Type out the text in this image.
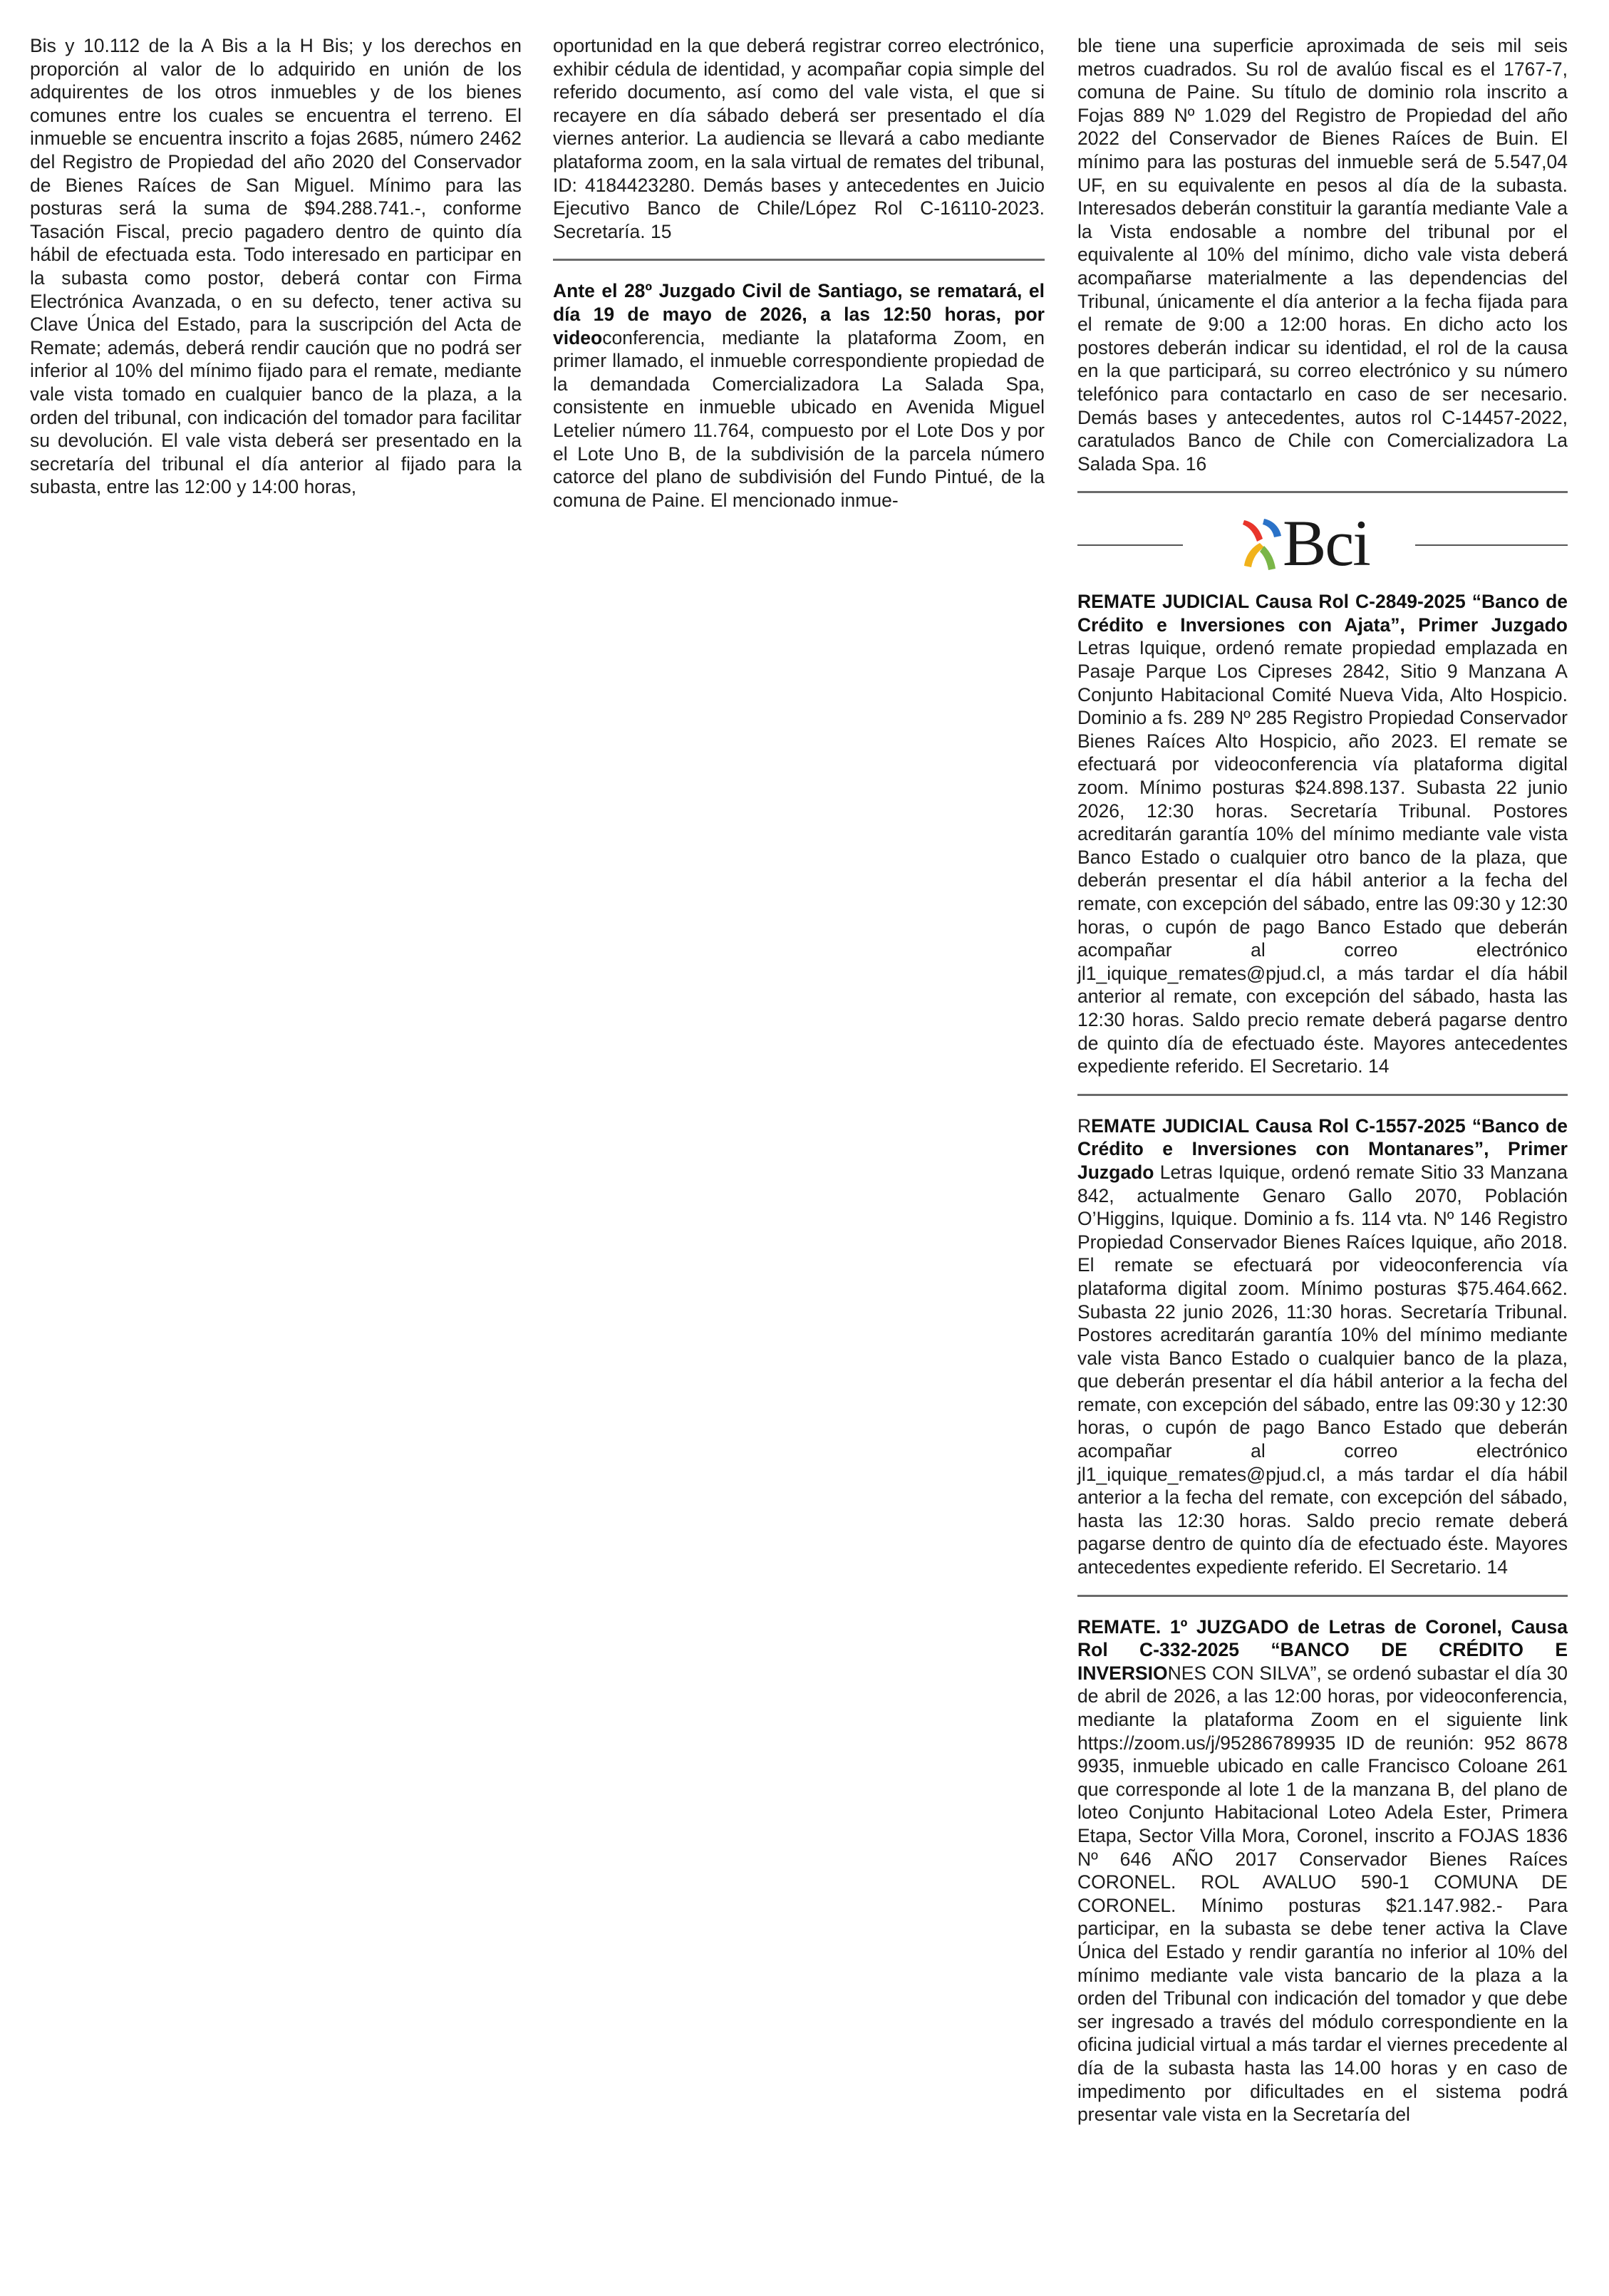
Bis y 10.112 de la A Bis a la H Bis; y los derechos en proporción al valor de lo adquirido en unión de los adquirentes de los otros inmuebles y de los bienes comunes entre los cuales se encuentra el terreno. El inmueble se encuentra inscrito a fojas 2685, número 2462 del Registro de Propiedad del año 2020 del Conservador de Bienes Raíces de San Miguel. Mínimo para las posturas será la suma de $94.288.741.-, conforme Tasación Fiscal, precio pagadero dentro de quinto día hábil de efectuada esta. Todo interesado en participar en la subasta como postor, deberá contar con Firma Electrónica Avanzada, o en su defecto, tener activa su Clave Única del Estado, para la suscripción del Acta de Remate; además, deberá rendir caución que no podrá ser inferior al 10% del mínimo fijado para el remate, mediante vale vista tomado en cualquier banco de la plaza, a la orden del tribunal, con indicación del tomador para facilitar su devolución. El vale vista deberá ser presentado en la secretaría del tribunal el día anterior al fijado para la subasta, entre las 12:00 y 14:00 horas,

oportunidad en la que deberá registrar correo electrónico, exhibir cédula de identidad, y acompañar copia simple del referido documento, así como del vale vista, el que si recayere en día sábado deberá ser presentado el día viernes anterior. La audiencia se llevará a cabo mediante plataforma zoom, en la sala virtual de remates del tribunal, ID: 4184423280. Demás bases y antecedentes en Juicio Ejecutivo Banco de Chile/López Rol C-16110-2023. Secretaría. 15

Ante el 28º Juzgado Civil de Santiago, se rematará, el día 19 de mayo de 2026, a las 12:50 horas, por videoconferencia, mediante la plataforma Zoom, en primer llamado, el inmueble correspondiente propiedad de la demandada Comercializadora La Salada Spa, consistente en inmueble ubicado en Avenida Miguel Letelier número 11.764, compuesto por el Lote Dos y por el Lote Uno B, de la subdivisión de la parcela número catorce del plano de subdivisión del Fundo Pintué, de la comuna de Paine. El mencionado inmue-

ble tiene una superficie aproximada de seis mil seis metros cuadrados. Su rol de avalúo fiscal es el 1767-7, comuna de Paine. Su título de dominio rola inscrito a Fojas 889 Nº 1.029 del Registro de Propiedad del año 2022 del Conservador de Bienes Raíces de Buin. El mínimo para las posturas del inmueble será de 5.547,04 UF, en su equivalente en pesos al día de la subasta. Interesados deberán constituir la garantía mediante Vale a la Vista endosable a nombre del tribunal por el equivalente al 10% del mínimo, dicho vale vista deberá acompañarse materialmente a las dependencias del Tribunal, únicamente el día anterior a la fecha fijada para el remate de 9:00 a 12:00 horas. En dicho acto los postores deberán indicar su identidad, el rol de la causa en la que participará, su correo electrónico y su número telefónico para contactarlo en caso de ser necesario. Demás bases y antecedentes, autos rol C-14457-2022, caratulados Banco de Chile con Comercializadora La Salada Spa. 16

Bci

REMATE JUDICIAL Causa Rol C-2849-2025 “Banco de Crédito e Inversiones con Ajata”, Primer Juzgado Letras Iquique, ordenó remate propiedad emplazada en Pasaje Parque Los Cipreses 2842, Sitio 9 Manzana A Conjunto Habitacional Comité Nueva Vida, Alto Hospicio. Dominio a fs. 289 Nº 285 Registro Propiedad Conservador Bienes Raíces Alto Hospicio, año 2023. El remate se efectuará por videoconferencia vía plataforma digital zoom. Mínimo posturas $24.898.137. Subasta 22 junio 2026, 12:30 horas. Secretaría Tribunal. Postores acreditarán garantía 10% del mínimo mediante vale vista Banco Estado o cualquier otro banco de la plaza, que deberán presentar el día hábil anterior a la fecha del remate, con excepción del sábado, entre las 09:30 y 12:30 horas, o cupón de pago Banco Estado que deberán acompañar al correo electrónico jl1_iquique_remates@pjud.cl, a más tardar el día hábil anterior al remate, con excepción del sábado, hasta las 12:30 horas. Saldo precio remate deberá pagarse dentro de quinto día de efectuado éste. Mayores antecedentes expediente referido. El Secretario. 14

REMATE JUDICIAL Causa Rol C-1557-2025 “Banco de Crédito e Inversiones con Montanares”, Primer Juzgado Letras Iquique, ordenó remate Sitio 33 Manzana 842, actualmente Genaro Gallo 2070, Población O’Higgins, Iquique. Dominio a fs. 114 vta. Nº 146 Registro Propiedad Conservador Bienes Raíces Iquique, año 2018. El remate se efectuará por videoconferencia vía plataforma digital zoom. Mínimo posturas $75.464.662. Subasta 22 junio 2026, 11:30 horas. Secretaría Tribunal. Postores acreditarán garantía 10% del mínimo mediante vale vista Banco Estado o cualquier banco de la plaza, que deberán presentar el día hábil anterior a la fecha del remate, con excepción del sábado, entre las 09:30 y 12:30 horas, o cupón de pago Banco Estado que deberán acompañar al correo electrónico jl1_iquique_remates@pjud.cl, a más tardar el día hábil anterior a la fecha del remate, con excepción del sábado, hasta las 12:30 horas. Saldo precio remate deberá pagarse dentro de quinto día de efectuado éste. Mayores antecedentes expediente referido. El Secretario. 14

REMATE. 1º JUZGADO de Letras de Coronel, Causa Rol C-332-2025 “BANCO DE CRÉDITO E INVERSIONES CON SILVA”, se ordenó subastar el día 30 de abril de 2026, a las 12:00 horas, por videoconferencia, mediante la plataforma Zoom en el siguiente link https://zoom.us/j/95286789935 ID de reunión: 952 8678 9935, inmueble ubicado en calle Francisco Coloane 261 que corresponde al lote 1 de la manzana B, del plano de loteo Conjunto Habitacional Loteo Adela Ester, Primera Etapa, Sector Villa Mora, Coronel, inscrito a FOJAS 1836 Nº 646 AÑO 2017 Conservador Bienes Raíces CORONEL. ROL AVALUO 590-1 COMUNA DE CORONEL. Mínimo posturas $21.147.982.- Para participar, en la subasta se debe tener activa la Clave Única del Estado y rendir garantía no inferior al 10% del mínimo mediante vale vista bancario de la plaza a la orden del Tribunal con indicación del tomador y que debe ser ingresado a través del módulo correspondiente en la oficina judicial virtual a más tardar el viernes precedente al día de la subasta hasta las 14.00 horas y en caso de impedimento por dificultades en el sistema podrá presentar vale vista en la Secretaría del
